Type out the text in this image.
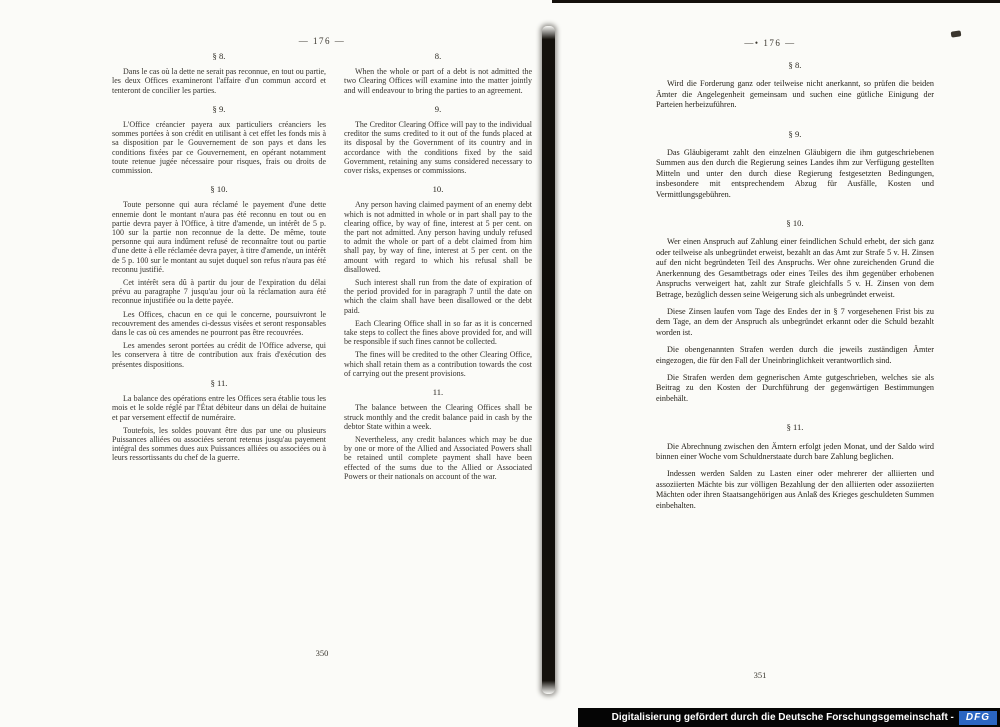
— 176 —
§ 8.

Dans le cas où la dette ne serait pas reconnue, en tout ou partie, les deux Offices examineront l'affaire d'un commun accord et tenteront de concilier les parties.

§ 9.

L'Office créancier payera aux particuliers créanciers les sommes portées à son crédit en utilisant à cet effet les fonds mis à sa disposition par le Gouvernement de son pays et dans les conditions fixées par ce Gouvernement, en opérant notamment toute retenue jugée nécessaire pour risques, frais ou droits de commission.

§ 10.

Toute personne qui aura réclamé le payement d'une dette ennemie dont le montant n'aura pas été reconnu en tout ou en partie devra payer à l'Office, à titre d'amende, un intérêt de 5 p. 100 sur la partie non reconnue de la dette. De même, toute personne qui aura indûment refusé de reconnaître tout ou partie d'une dette à elle réclamée devra payer, à titre d'amende, un intérêt de 5 p. 100 sur le montant au sujet duquel son refus n'aura pas été reconnu justifié.

Cet intérêt sera dû à partir du jour de l'expiration du délai prévu au paragraphe 7 jusqu'au jour où la réclamation aura été reconnue injustifiée ou la dette payée.

Les Offices, chacun en ce qui le concerne, poursuivront le recouvrement des amendes ci-dessus visées et seront responsables dans le cas où ces amendes ne pourront pas être recouvrées.

Les amendes seront portées au crédit de l'Office adverse, qui les conservera à titre de contribution aux frais d'exécution des présentes dispositions.

§ 11.

La balance des opérations entre les Offices sera établie tous les mois et le solde réglé par l'État débiteur dans un délai de huitaine et par versement effectif de numéraire.

Toutefois, les soldes pouvant être dus par une ou plusieurs Puissances alliées ou associées seront retenus jusqu'au payement intégral des sommes dues aux Puissances alliées ou associées ou à leurs ressortissants du chef de la guerre.

8.

When the whole or part of a debt is not admitted the two Clearing Offices will examine into the matter jointly and will endeavour to bring the parties to an agreement.

9.

The Creditor Clearing Office will pay to the individual creditor the sums credited to it out of the funds placed at its disposal by the Government of its country and in accordance with the conditions fixed by the said Government, retaining any sums considered necessary to cover risks, expenses or commissions.

10.

Any person having claimed payment of an enemy debt which is not admitted in whole or in part shall pay to the clearing office, by way of fine, interest at 5 per cent. on the part not admitted. Any person having unduly refused to admit the whole or part of a debt claimed from him shall pay, by way of fine, interest at 5 per cent. on the amount with regard to which his refusal shall be disallowed.

Such interest shall run from the date of expiration of the period provided for in paragraph 7 until the date on which the claim shall have been disallowed or the debt paid.

Each Clearing Office shall in so far as it is concerned take steps to collect the fines above provided for, and will be responsible if such fines cannot be collected.

The fines will be credited to the other Clearing Office, which shall retain them as a contribution towards the cost of carrying out the present provisions.

11.

The balance between the Clearing Offices shall be struck monthly and the credit balance paid in cash by the debtor State within a week.

Nevertheless, any credit balances which may be due by one or more of the Allied and Associated Powers shall be retained until complete payment shall have been effected of the sums due to the Allied or Associated Powers or their nationals on account of the war.

350
—• 176 —
§ 8.

Wird die Forderung ganz oder teilweise nicht anerkannt, so prüfen die beiden Ämter die Angelegenheit gemeinsam und suchen eine gütliche Einigung der Parteien herbeizuführen.

§ 9.

Das Gläubigeramt zahlt den einzelnen Gläubigern die ihm gutgeschriebenen Summen aus den durch die Regierung seines Landes ihm zur Verfügung gestellten Mitteln und unter den durch diese Regierung festgesetzten Bedingungen, insbesondere mit entsprechendem Abzug für Ausfälle, Kosten und Vermittlungsgebühren.

§ 10.

Wer einen Anspruch auf Zahlung einer feindlichen Schuld erhebt, der sich ganz oder teilweise als unbegründet erweist, bezahlt an das Amt zur Strafe 5 v. H. Zinsen auf den nicht begründeten Teil des Anspruchs. Wer ohne zureichenden Grund die Anerkennung des Gesamtbetrags oder eines Teiles des ihm gegenüber erhobenen Anspruchs verweigert hat, zahlt zur Strafe gleichfalls 5 v. H. Zinsen von dem Betrage, bezüglich dessen seine Weigerung sich als unbegründet erweist.

Diese Zinsen laufen vom Tage des Endes der in § 7 vorgesehenen Frist bis zu dem Tage, an dem der Anspruch als unbegründet erkannt oder die Schuld bezahlt worden ist.

Die obengenannten Strafen werden durch die jeweils zuständigen Ämter eingezogen, die für den Fall der Uneinbringlichkeit verantwortlich sind.

Die Strafen werden dem gegnerischen Amte gutgeschrieben, welches sie als Beitrag zu den Kosten der Durchführung der gegenwärtigen Bestimmungen einbehält.

§ 11.

Die Abrechnung zwischen den Ämtern erfolgt jeden Monat, und der Saldo wird binnen einer Woche vom Schuldnerstaate durch bare Zahlung beglichen.

Indessen werden Salden zu Lasten einer oder mehrerer der alliierten und assoziierten Mächte bis zur völligen Bezahlung der den alliierten oder assoziierten Mächten oder ihren Staatsangehörigen aus Anlaß des Krieges geschuldeten Summen einbehalten.

351
Digitalisierung gefördert durch die Deutsche Forschungsgemeinschaft -	DFG
